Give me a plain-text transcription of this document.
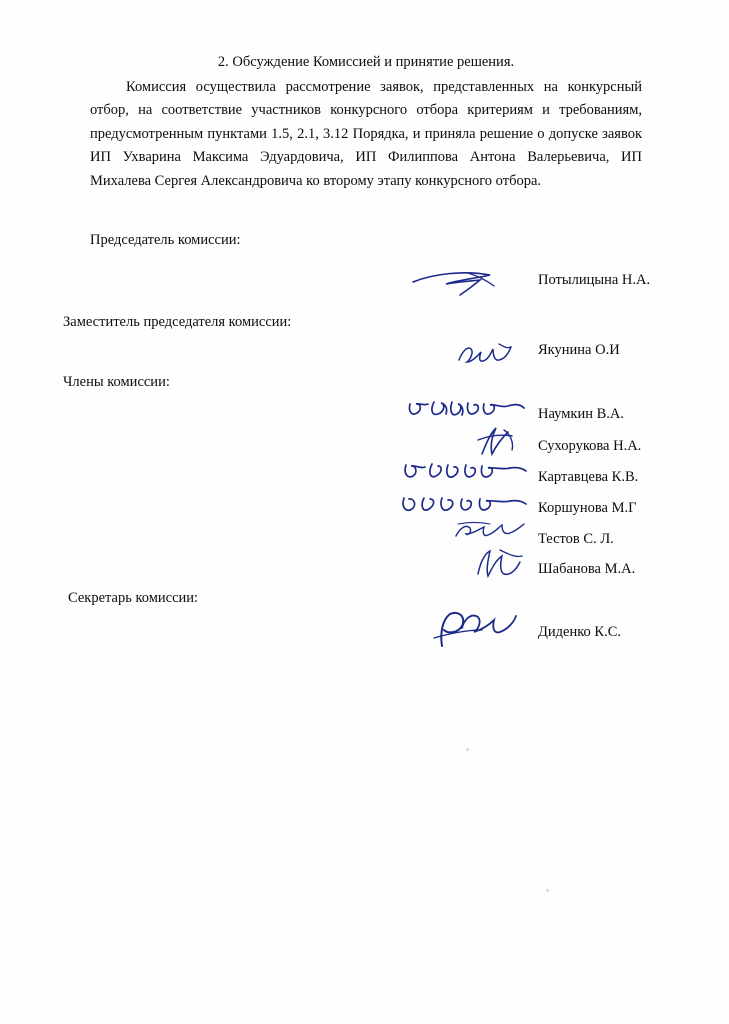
2. Обсуждение Комиссией и принятие решения.

Комиссия осуществила рассмотрение заявок, представленных на конкурсный отбор, на соответствие участников конкурсного отбора критериям и требованиям, предусмотренным пунктами 1.5, 2.1, 3.12 Порядка, и приняла решение о допуске заявок ИП Ухварина Максима Эдуардовича, ИП Филиппова Антона Валерьевича, ИП Михалева Сергея Александровича ко второму этапу конкурсного отбора.

Председатель комиссии:
Заместитель председателя комиссии:
Члены комиссии:
Секретарь комиссии:
Потылицына Н.А.
Якунина О.И
Наумкин В.А.
Сухорукова Н.А.
Картавцева К.В.
Коршунова М.Г
Тестов С. Л.
Шабанова М.А.
Диденко К.С.
